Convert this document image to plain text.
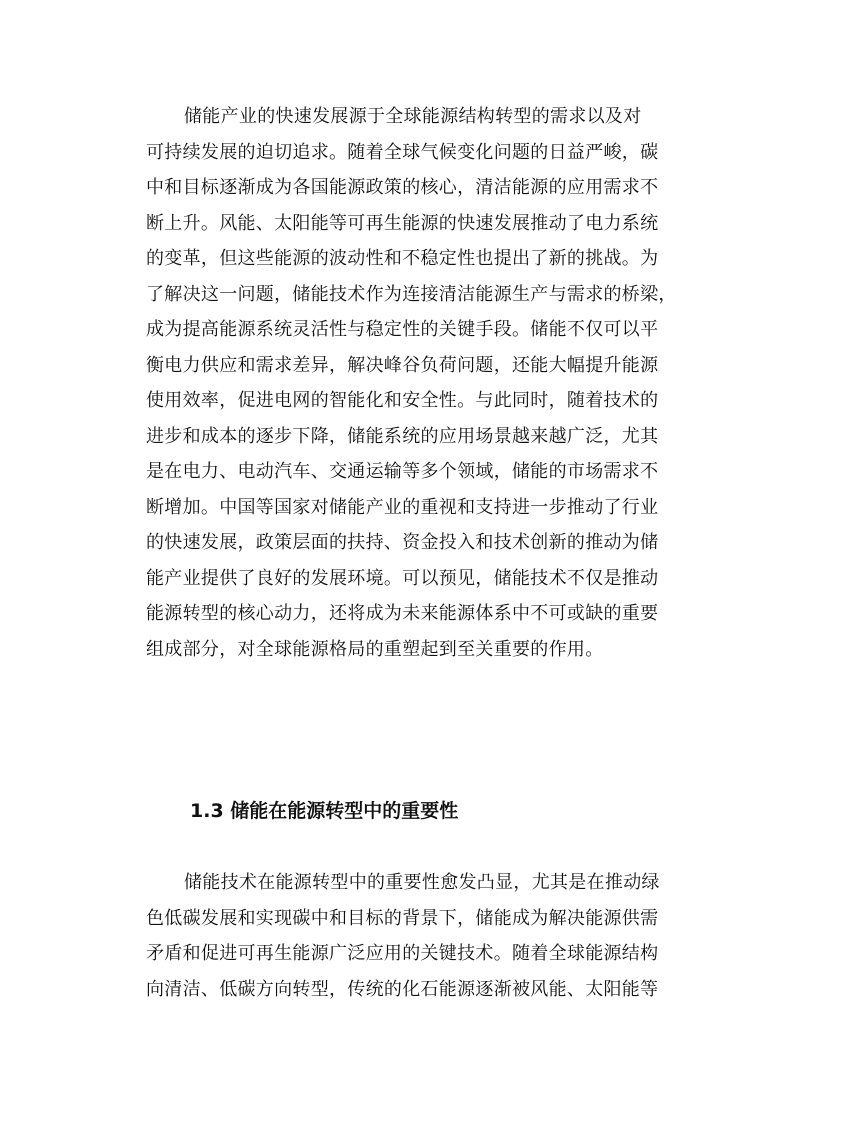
储能产业的快速发展源于全球能源结构转型的需求以及对
可持续发展的迫切追求。随着全球气候变化问题的日益严峻，碳
中和目标逐渐成为各国能源政策的核心，清洁能源的应用需求不
断上升。风能、太阳能等可再生能源的快速发展推动了电力系统
的变革，但这些能源的波动性和不稳定性也提出了新的挑战。为
了解决这一问题，储能技术作为连接清洁能源生产与需求的桥梁，
成为提高能源系统灵活性与稳定性的关键手段。储能不仅可以平
衡电力供应和需求差异，解决峰谷负荷问题，还能大幅提升能源
使用效率，促进电网的智能化和安全性。与此同时，随着技术的
进步和成本的逐步下降，储能系统的应用场景越来越广泛，尤其
是在电力、电动汽车、交通运输等多个领域，储能的市场需求不
断增加。中国等国家对储能产业的重视和支持进一步推动了行业
的快速发展，政策层面的扶持、资金投入和技术创新的推动为储
能产业提供了良好的发展环境。可以预见，储能技术不仅是推动
能源转型的核心动力，还将成为未来能源体系中不可或缺的重要
组成部分，对全球能源格局的重塑起到至关重要的作用。

1.3 储能在能源转型中的重要性

储能技术在能源转型中的重要性愈发凸显，尤其是在推动绿
色低碳发展和实现碳中和目标的背景下，储能成为解决能源供需
矛盾和促进可再生能源广泛应用的关键技术。随着全球能源结构
向清洁、低碳方向转型，传统的化石能源逐渐被风能、太阳能等
